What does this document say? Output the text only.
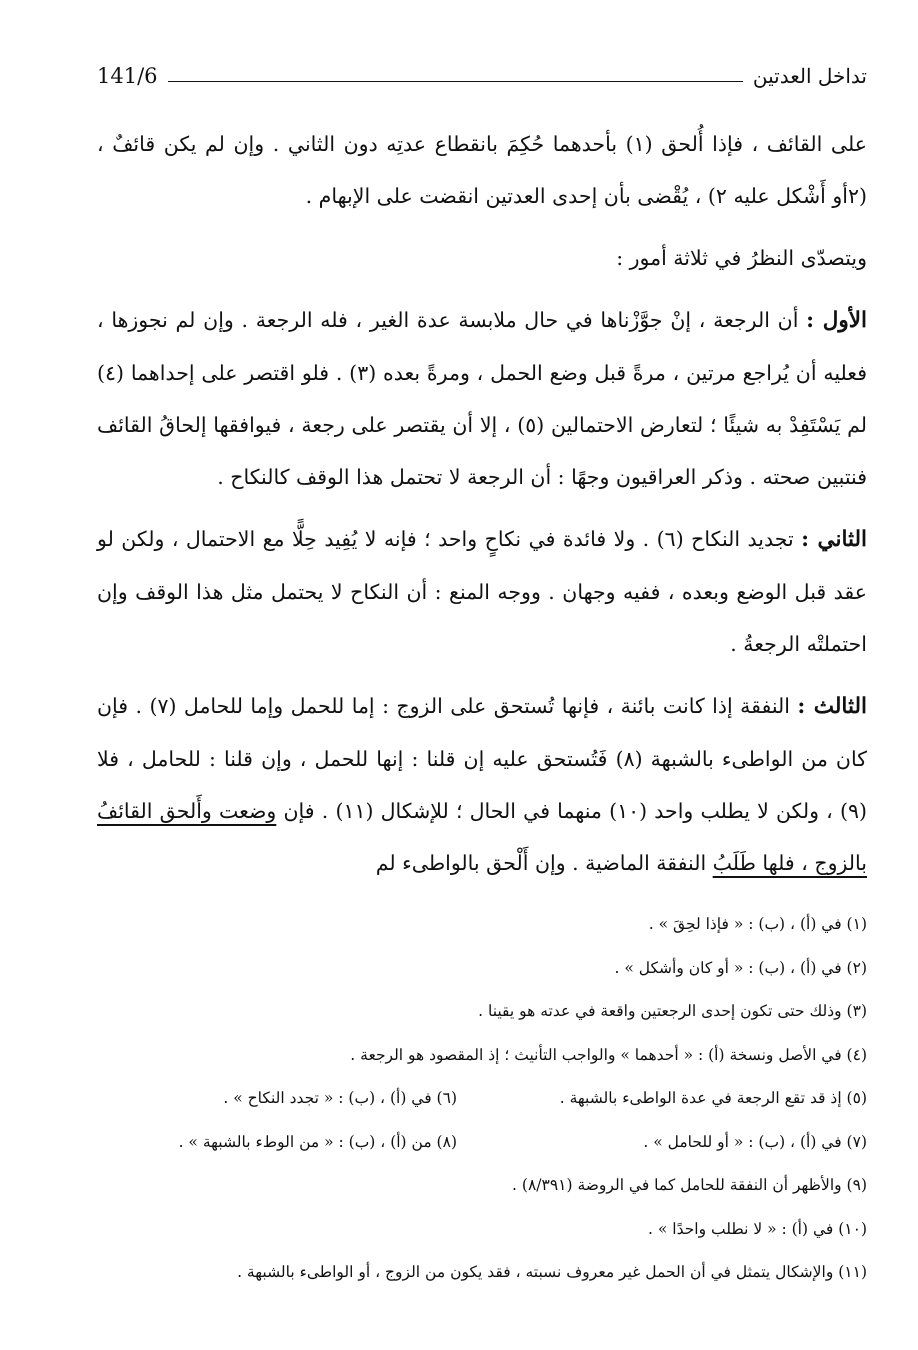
141/6	تداخل العدتين

على القائف ، فإذا أُلحق (١) بأحدهما حُكِمَ بانقطاع عدتِه دون الثاني . وإن لم يكن قائفٌ ، (٢أو أَشْكل عليه ٢) ، يُقْضى بأن إحدى العدتين انقضت على الإبهام .

ويتصدّى النظرُ في ثلاثة أمور :

الأول : أن الرجعة ، إنْ جوَّزْناها في حال ملابسة عدة الغير ، فله الرجعة . وإن لم نجوزها ، فعليه أن يُراجع مرتين ، مرةً قبل وضع الحمل ، ومرةً بعده (٣) . فلو اقتصر على إحداهما (٤) لم يَسْتَفِدْ به شيئًا ؛ لتعارض الاحتمالين (٥) ، إلا أن يقتصر على رجعة ، فيوافقها إلحاقُ القائف فنتبين صحته . وذكر العراقيون وجهًا : أن الرجعة لا تحتمل هذا الوقف كالنكاح .

الثاني : تجديد النكاح (٦) . ولا فائدة في نكاحٍ واحد ؛ فإنه لا يُفِيد حِلًّا مع الاحتمال ، ولكن لو عقد قبل الوضع وبعده ، ففيه وجهان . ووجه المنع : أن النكاح لا يحتمل مثل هذا الوقف وإن احتملتْه الرجعةُ .

الثالث : النفقة إذا كانت بائنة ، فإنها تُستحق على الزوج : إما للحمل وإما للحامل (٧) . فإن كان من الواطىء بالشبهة (٨) فَتُستحق عليه إن قلنا : إنها للحمل ، وإن قلنا : للحامل ، فلا (٩) ، ولكن لا يطلب واحد (١٠) منهما في الحال ؛ للإشكال (١١) . فإن وضعت وأَلحق القائفُ بالزوج ، فلها طَلَبُ النفقة الماضية . وإن أَلْحق بالواطىء لم

(١) في (أ) ، (ب) : « فإذا لحِقَ » .
(٢) في (أ) ، (ب) : « أو كان وأشكل » .
(٣) وذلك حتى تكون إحدى الرجعتين واقعة في عدته هو يقينا .
(٤) في الأصل ونسخة (أ) : « أحدهما » والواجب التأنيث ؛ إذ المقصود هو الرجعة .
(٥) إذ قد تقع الرجعة في عدة الواطىء بالشبهة .
(٦) في (أ) ، (ب) : « تجدد النكاح » .
(٧) في (أ) ، (ب) : « أو للحامل » .
(٨) من (أ) ، (ب) : « من الوطء بالشبهة » .
(٩) والأظهر أن النفقة للحامل كما في الروضة (٨/٣٩١) .
(١٠) في (أ) : « لا نطلب واحدًا » .
(١١) والإشكال يتمثل في أن الحمل غير معروف نسبته ، فقد يكون من الزوج ، أو الواطىء بالشبهة .
